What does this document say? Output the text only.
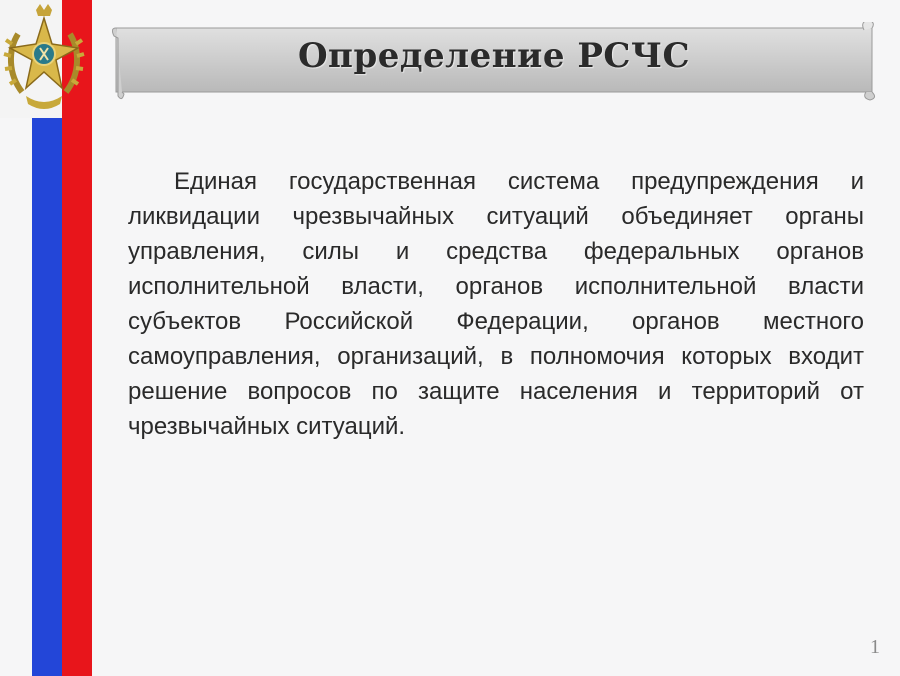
Определение РСЧС

Единая государственная система предупреждения и ликвидации чрезвычайных ситуаций объединяет органы управления, силы и средства федеральных органов исполнительной власти, органов исполнительной власти субъектов Российской Федерации, органов местного самоуправления, организаций, в полномочия которых входит решение вопросов по защите населения и территорий от чрезвычайных ситуаций.

1
